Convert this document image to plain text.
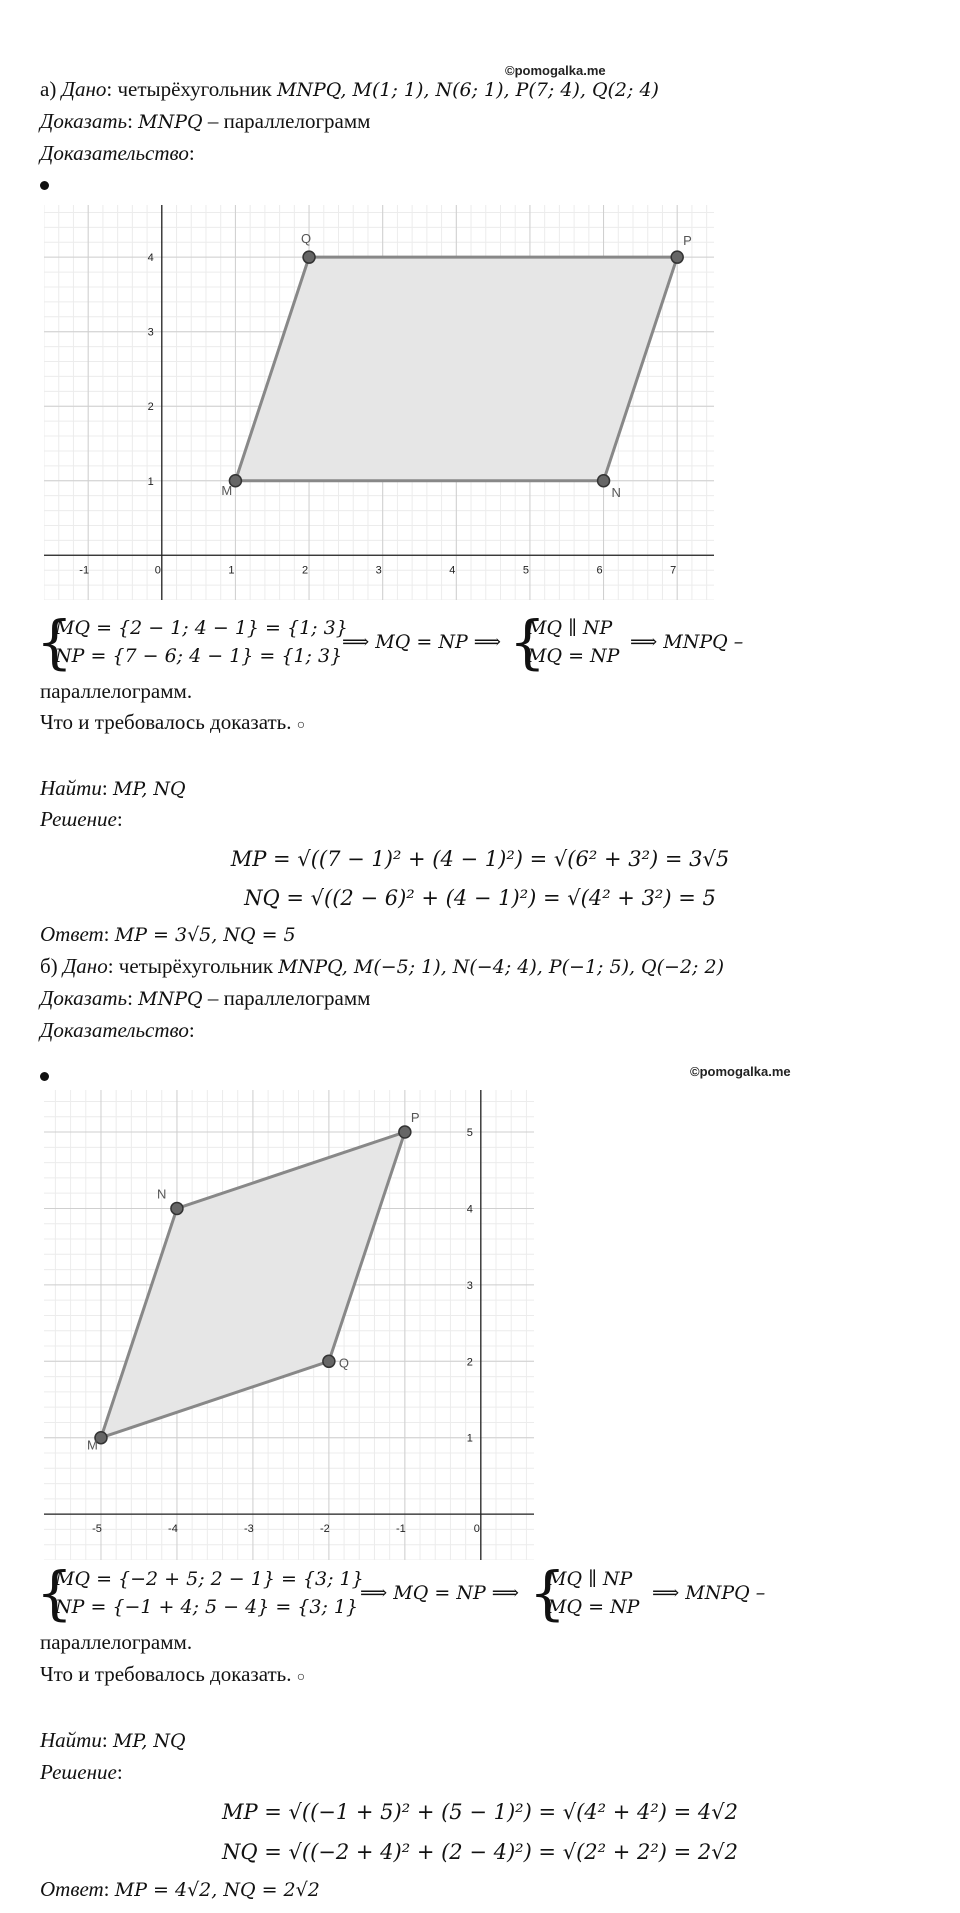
©pomogalka.me
а) Дано: четырёхугольник MNPQ, M(1; 1), N(6; 1), P(7; 4), Q(2; 4)
Доказать: MNPQ – параллелограмм
Доказательство:
-1	0	1	2	3	4	5	6	7
1
2
3
4
M	N
P
Q
{
MQ = {2 − 1; 4 − 1} = {1; 3}
NP = {7 − 6; 4 − 1} = {1; 3}
⟹ MQ = NP ⟹ {
MQ ∥ NP
MQ = NP
⟹ MNPQ –
параллелограмм.
Что и требовалось доказать. ○
Найти: MP, NQ
Решение:
MP = √((7 − 1)² + (4 − 1)²) = √(6² + 3²) = 3√5
NQ = √((2 − 6)² + (4 − 1)²) = √(4² + 3²) = 5
Ответ: MP = 3√5, NQ = 5
б) Дано: четырёхугольник MNPQ, M(−5; 1), N(−4; 4), P(−1; 5), Q(−2; 2)
Доказать: MNPQ – параллелограмм
Доказательство:
©pomogalka.me
-5	-4	-3	-2	-1	0
1
2
3
4
5
M
N
P
Q
{
MQ = {−2 + 5; 2 − 1} = {3; 1}
NP = {−1 + 4; 5 − 4} = {3; 1}
⟹ MQ = NP ⟹ {
MQ ∥ NP
MQ = NP
⟹ MNPQ –
параллелограмм.
Что и требовалось доказать. ○
Найти: MP, NQ
Решение:
MP = √((−1 + 5)² + (5 − 1)²) = √(4² + 4²) = 4√2
NQ = √((−2 + 4)² + (2 − 4)²) = √(2² + 2²) = 2√2
Ответ: MP = 4√2, NQ = 2√2
